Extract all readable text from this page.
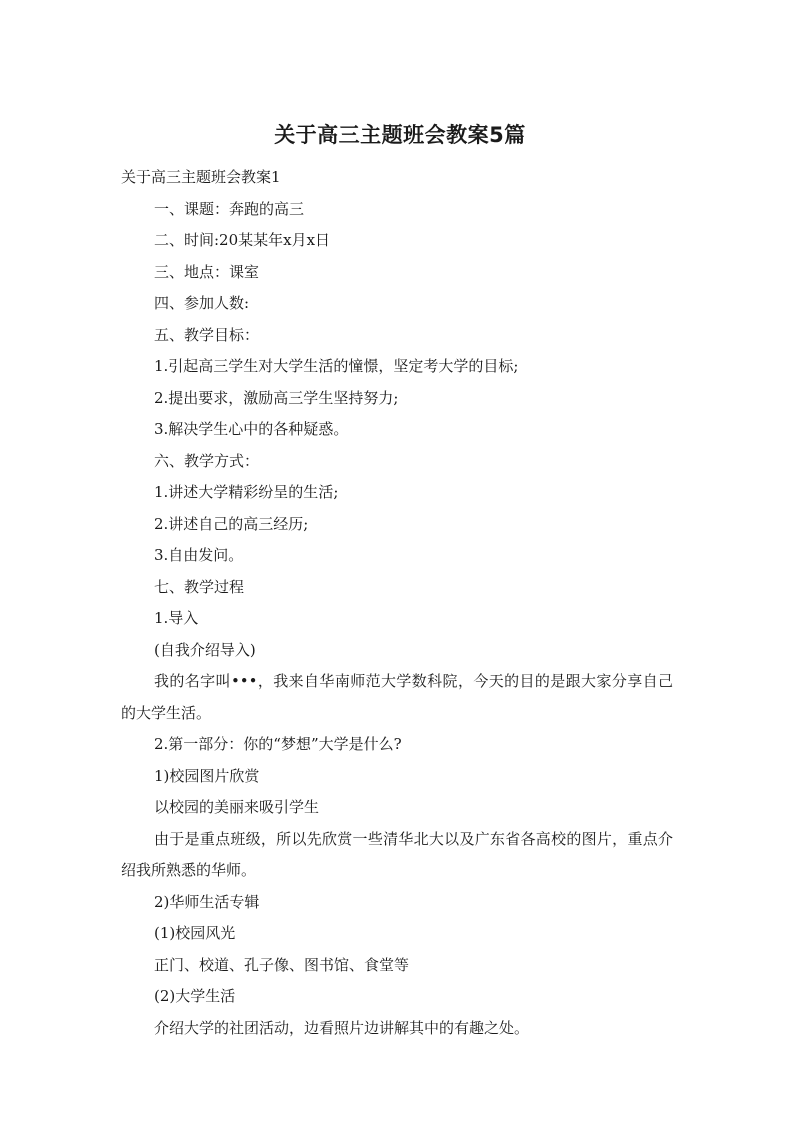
关于高三主题班会教案5篇

关于高三主题班会教案1

一、课题：奔跑的高三

二、时间:20某某年x月x日

三、地点：课室

四、参加人数:

五、教学目标：

1.引起高三学生对大学生活的憧憬，坚定考大学的目标;

2.提出要求，激励高三学生坚持努力;

3.解决学生心中的各种疑惑。

六、教学方式：

1.讲述大学精彩纷呈的生活;

2.讲述自己的高三经历;

3.自由发问。

七、教学过程

1.导入

(自我介绍导入)

我的名字叫•••，我来自华南师范大学数科院，今天的目的是跟大家分享自己的大学生活。

2.第一部分：你的“梦想”大学是什么?

1)校园图片欣赏

以校园的美丽来吸引学生

由于是重点班级，所以先欣赏一些清华北大以及广东省各高校的图片，重点介绍我所熟悉的华师。

2)华师生活专辑

(1)校园风光

正门、校道、孔子像、图书馆、食堂等

(2)大学生活

介绍大学的社团活动，边看照片边讲解其中的有趣之处。
